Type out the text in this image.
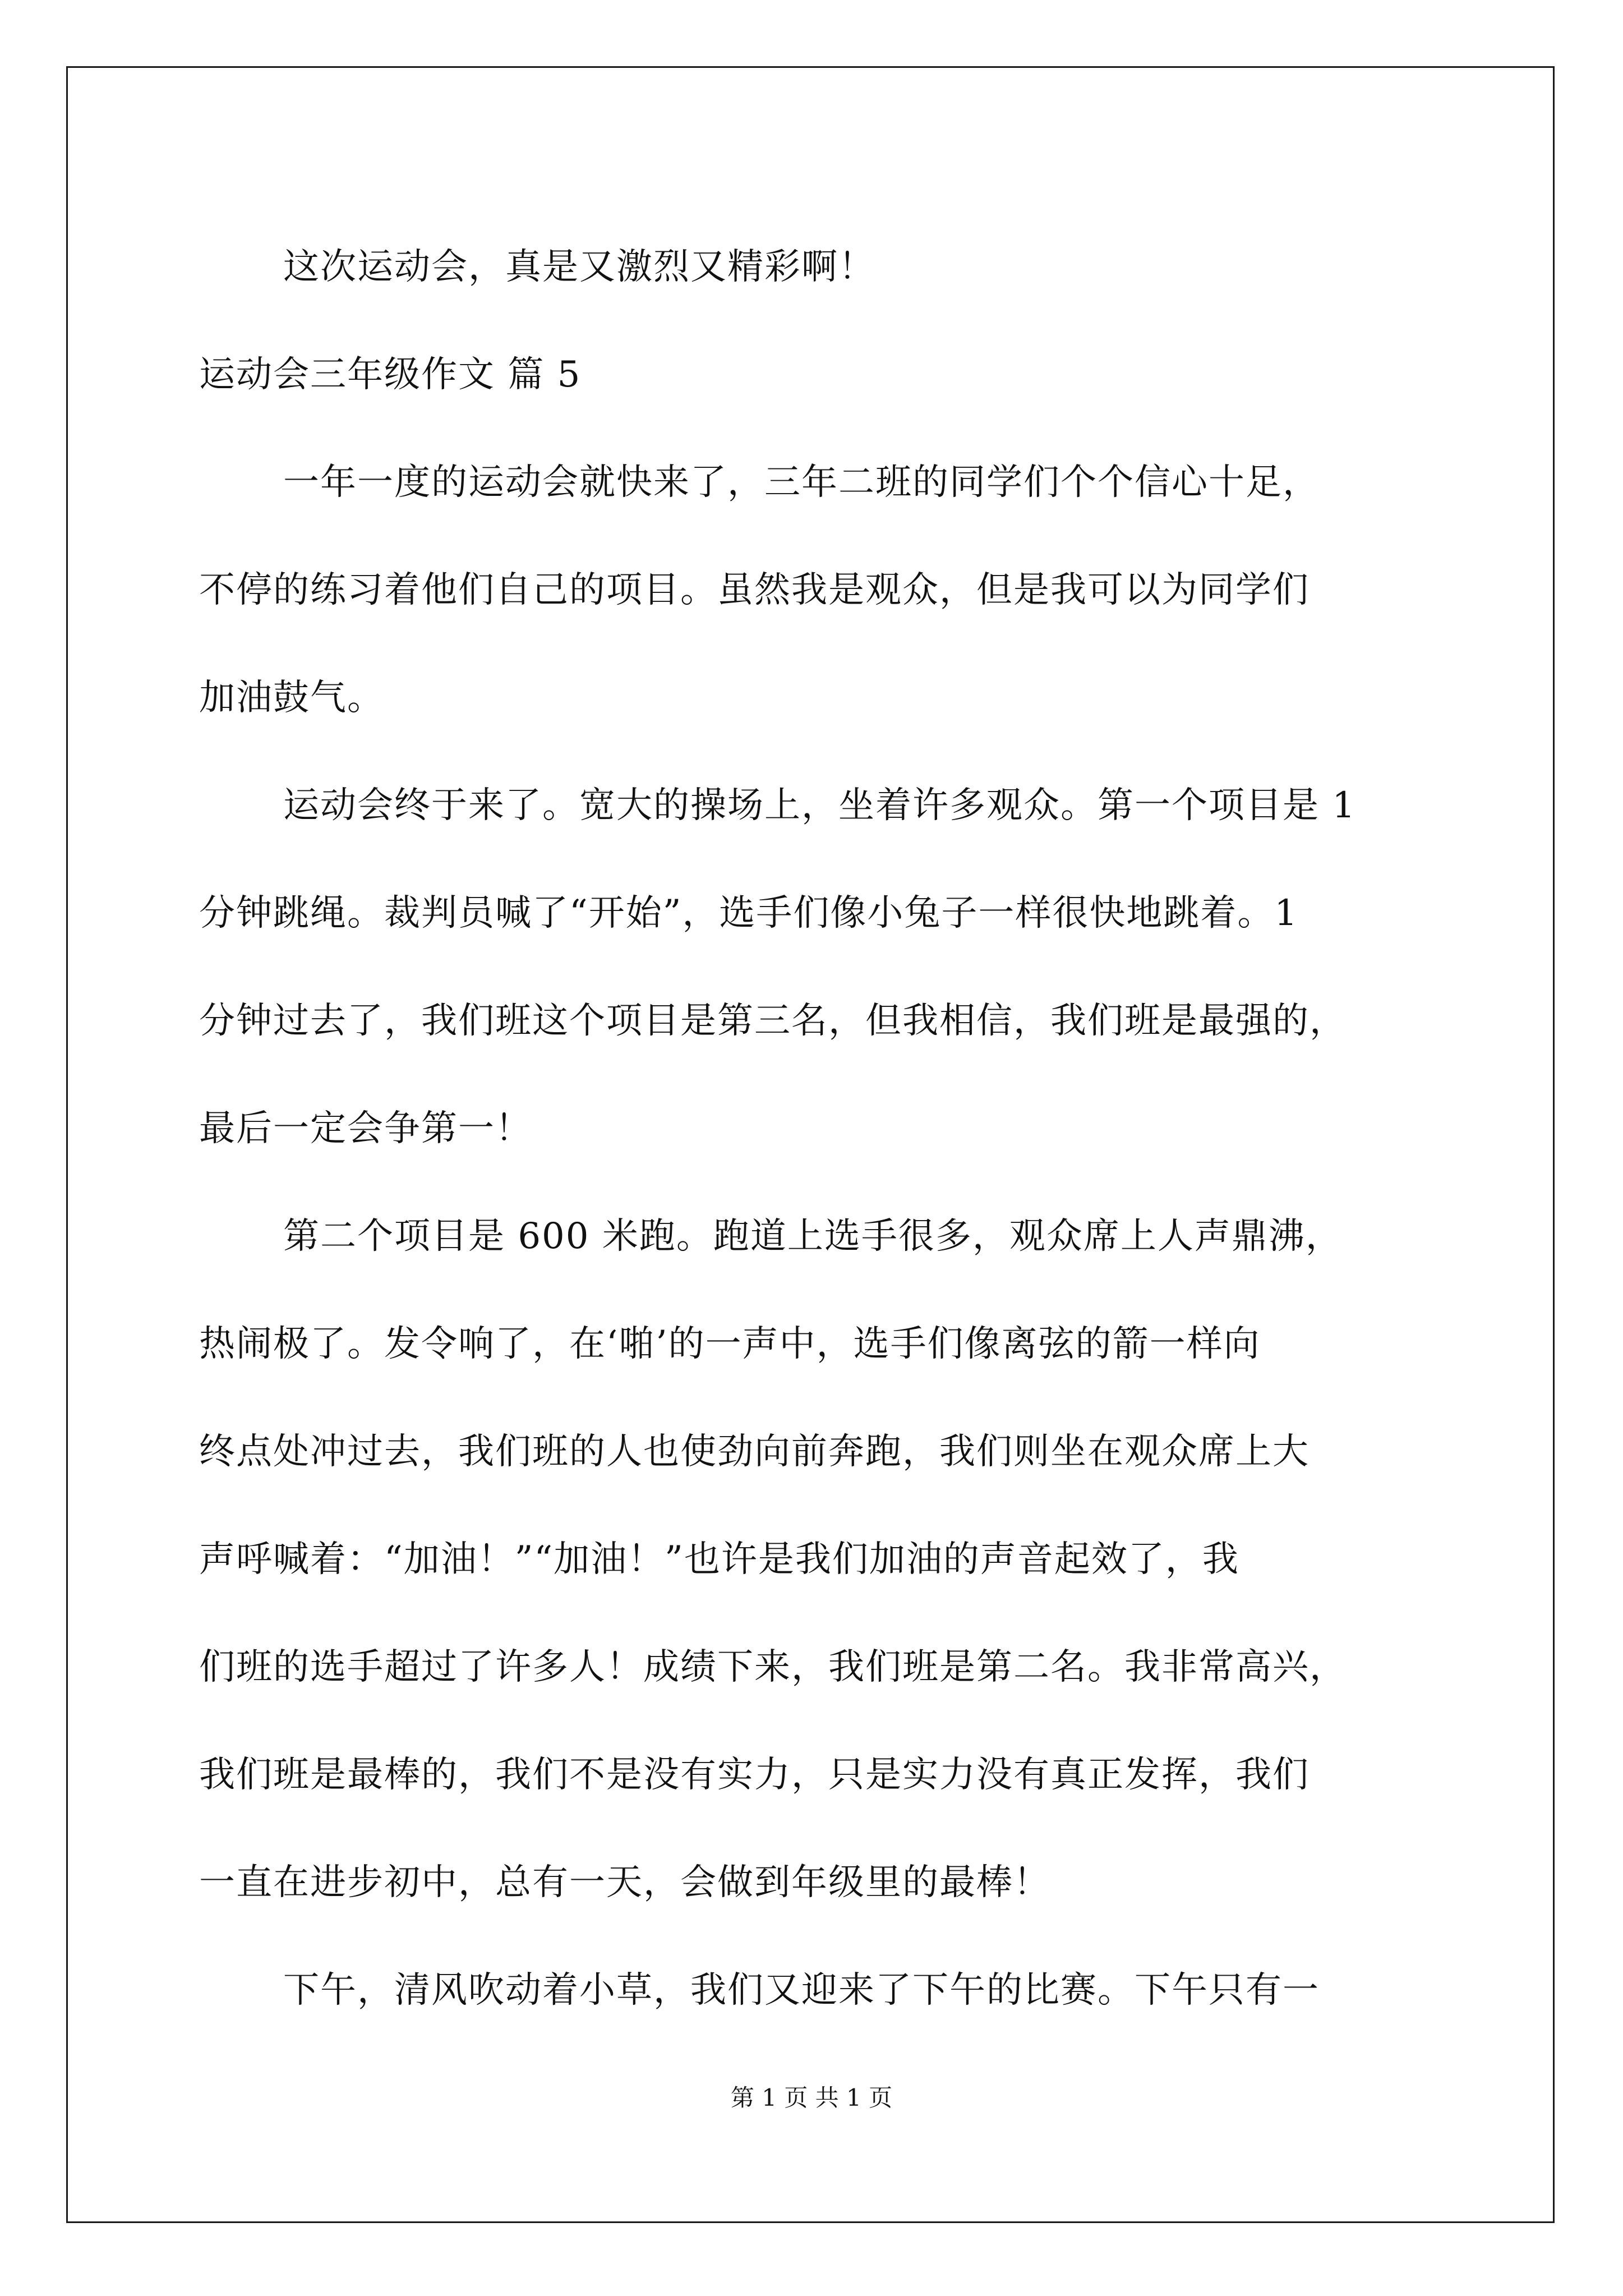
这次运动会，真是又激烈又精彩啊！
运动会三年级作文 篇 5
一年一度的运动会就快来了，三年二班的同学们个个信心十足，
不停的练习着他们自己的项目。虽然我是观众，但是我可以为同学们
加油鼓气。
运动会终于来了。宽大的操场上，坐着许多观众。第一个项目是 1
分钟跳绳。裁判员喊了“开始”，选手们像小兔子一样很快地跳着。1
分钟过去了，我们班这个项目是第三名，但我相信，我们班是最强的，
最后一定会争第一！
第二个项目是 600 米跑。跑道上选手很多，观众席上人声鼎沸，
热闹极了。发令响了，在‘啪’的一声中，选手们像离弦的箭一样向
终点处冲过去，我们班的人也使劲向前奔跑，我们则坐在观众席上大
声呼喊着：“加油！”“加油！”也许是我们加油的声音起效了，我
们班的选手超过了许多人！成绩下来，我们班是第二名。我非常高兴，
我们班是最棒的，我们不是没有实力，只是实力没有真正发挥，我们
一直在进步初中，总有一天，会做到年级里的最棒！
下午，清风吹动着小草，我们又迎来了下午的比赛。下午只有一
第 1 页 共 1 页
